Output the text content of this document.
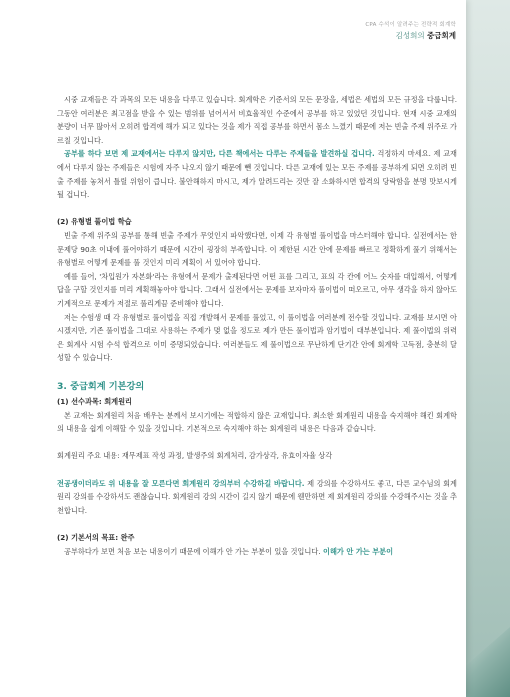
CPA 수석이 알려주는 전략적 회계학
김성희의 중급회계

시중 교재들은 각 과목의 모든 내용을 다루고 있습니다. 회계학은 기준서의 모든 문장을, 세법은 세법의 모든 규정을 다룹니다. 그동안 여러분은 최고점을 받을 수 있는 범위를 넘어서서 비효율적인 수준에서 공부를 하고 있었던 것입니다. 현재 시중 교재의 분량이 너무 많아서 오히려 합격에 해가 되고 있다는 것을 제가 직접 공부를 하면서 몸소 느꼈기 때문에 저는 빈출 주제 위주로 가르칠 것입니다.

공부를 하다 보면 제 교재에서는 다루지 않지만, 다른 책에서는 다루는 주제들을 발견하실 겁니다. 걱정하지 마세요. 제 교재에서 다루지 않는 주제들은 시험에 자주 나오지 않기 때문에 뺀 것입니다. 다른 교재에 있는 모든 주제를 공부하게 되면 오히려 빈출 주제를 놓쳐서 틀릴 위험이 큽니다. 불안해하지 마시고, 제가 알려드리는 것만 잘 소화하시면 합격의 당락함을 분명 맛보시게 될 겁니다.

(2) 유형별 풀이법 학습

빈출 주제 위주의 공부를 통해 빈출 주제가 무엇인지 파악했다면, 이제 각 유형별 풀이법을 마스터해야 합니다. 실전에서는 한 문제당 90초 이내에 풀어야하기 때문에 시간이 굉장히 부족합니다. 이 제한된 시간 안에 문제를 빠르고 정확하게 풀기 위해서는 유형별로 어떻게 문제를 풀 것인지 미리 계획이 서 있어야 합니다.

예를 들어, '차입원가 자본화'라는 유형에서 문제가 출제된다면 어떤 표를 그리고, 표의 각 칸에 어느 숫자를 대입해서, 어떻게 답을 구할 것인지를 미리 계획해놓아야 합니다. 그래서 실전에서는 문제를 보자마자 풀이법이 떠오르고, 아무 생각을 하지 않아도 기계적으로 문제가 저절로 풀리게끔 준비해야 합니다.

저는 수험생 때 각 유형별로 풀이법을 직접 개발해서 문제를 풀었고, 이 풀이법을 여러분께 전수할 것입니다. 교재를 보시면 아시겠지만, 기존 풀이법을 그대로 사용하는 주제가 몇 없을 정도로 제가 만든 풀이법과 암기법이 대부분입니다. 제 풀이법의 위력은 회계사 시험 수석 합격으로 이미 증명되었습니다. 여러분들도 제 풀이법으로 무난하게 단기간 안에 회계학 고득점, 충분히 달성할 수 있습니다.

3. 중급회계 기본강의

(1) 선수과목: 회계원리

본 교재는 회계원리 처음 배우는 분께서 보시기에는 적합하지 않은 교재입니다. 최소한 회계원리 내용을 숙지해야 해킨 회계학의 내용을 쉽게 이해할 수 있을 것입니다. 기본적으로 숙지해야 하는 회계원리 내용은 다음과 같습니다.

회계원리 주요 내용: 재무제표 작성 과정, 발생주의 회계처리, 감가상각, 유효이자율 상각

전공생이더라도 위 내용을 잘 모른다면 회계원리 강의부터 수강하길 바랍니다. 제 강의를 수강하셔도 좋고, 다른 교수님의 회계원리 강의를 수강하셔도 괜찮습니다. 회계원리 강의 시간이 길지 않기 때문에 웬만하면 제 회계원리 강의를 수강해주시는 것을 추천합니다.

(2) 기본서의 목표: 완주

공부하다가 보면 처음 보는 내용이기 때문에 이해가 안 가는 부분이 있을 것입니다. 이해가 안 가는 부분이
